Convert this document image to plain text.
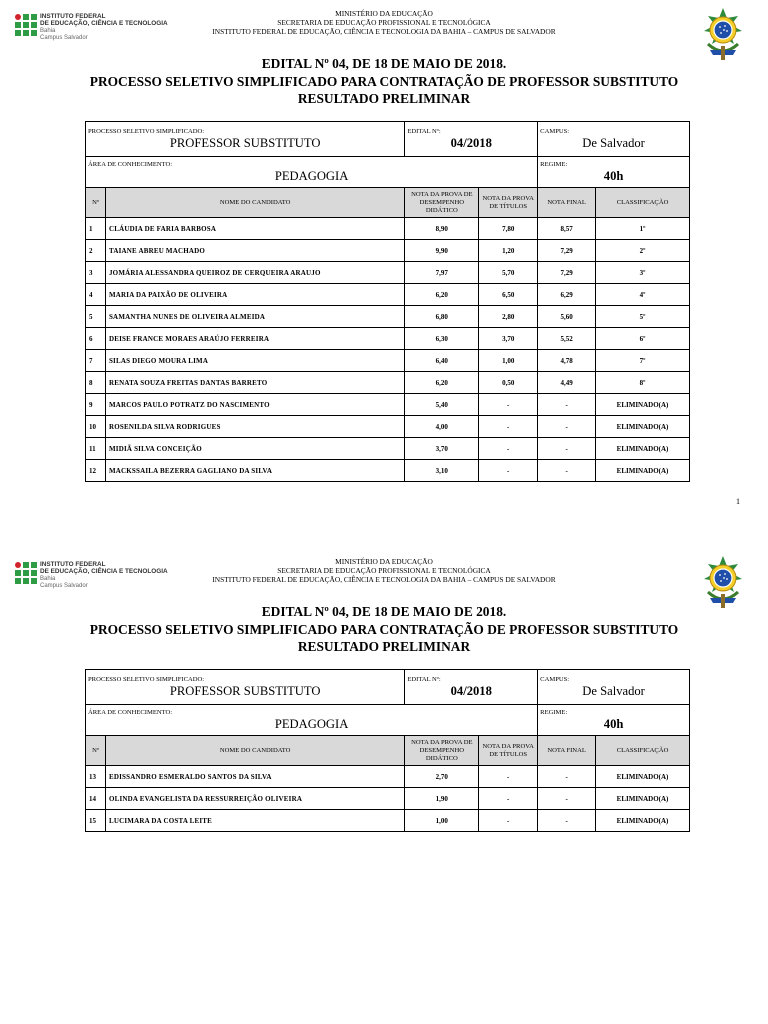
INSTITUTO FEDERAL
DE EDUCAÇÃO, CIÊNCIA E TECNOLOGIA
Bahia
Campus Salvador
MINISTÉRIO DA EDUCAÇÃO
SECRETARIA DE EDUCAÇÃO PROFISSIONAL E TECNOLÓGICA
INSTITUTO FEDERAL DE EDUCAÇÃO, CIÊNCIA E TECNOLOGIA DA BAHIA – CAMPUS DE SALVADOR
EDITAL Nº 04, DE 18 DE MAIO DE 2018.
PROCESSO SELETIVO SIMPLIFICADO PARA CONTRATAÇÃO DE PROFESSOR SUBSTITUTO
RESULTADO PRELIMINAR
PROCESSO SELETIVO SIMPLIFICADO:
PROFESSOR SUBSTITUTO		EDITAL Nº:
04/2018		CAMPUS:
De Salvador	

ÁREA DE CONHECIMENTO:
PEDAGOGIA				REGIME:
40h	

Nº	NOME DO CANDIDATO	NOTA DA PROVA DE DESEMPENHO DIDÁTICO	NOTA DA PROVA DE TÍTULOS	NOTA FINAL	CLASSIFICAÇÃO
1	CLÁUDIA DE FARIA BARBOSA	8,90	7,80	8,57	1º
2	TAIANE ABREU MACHADO	9,90	1,20	7,29	2º
3	JOMÁRIA ALESSANDRA QUEIROZ DE CERQUEIRA ARAUJO	7,97	5,70	7,29	3º
4	MARIA DA PAIXÃO DE OLIVEIRA	6,20	6,50	6,29	4º
5	SAMANTHA NUNES DE OLIVEIRA ALMEIDA	6,80	2,80	5,60	5º
6	DEISE FRANCE MORAES ARAÚJO FERREIRA	6,30	3,70	5,52	6º
7	SILAS DIEGO MOURA LIMA	6,40	1,00	4,78	7º
8	RENATA SOUZA FREITAS DANTAS BARRETO	6,20	0,50	4,49	8º
9	MARCOS PAULO POTRATZ DO NASCIMENTO	5,40	-	-	ELIMINADO(A)
10	ROSENILDA SILVA RODRIGUES	4,00	-	-	ELIMINADO(A)
11	MIDIÃ SILVA CONCEIÇÃO	3,70	-	-	ELIMINADO(A)
12	MACKSSAILA BEZERRA GAGLIANO DA SILVA	3,10	-	-	ELIMINADO(A)
INSTITUTO FEDERAL
DE EDUCAÇÃO, CIÊNCIA E TECNOLOGIA
Bahia
Campus Salvador
MINISTÉRIO DA EDUCAÇÃO
SECRETARIA DE EDUCAÇÃO PROFISSIONAL E TECNOLÓGICA
INSTITUTO FEDERAL DE EDUCAÇÃO, CIÊNCIA E TECNOLOGIA DA BAHIA – CAMPUS DE SALVADOR
EDITAL Nº 04, DE 18 DE MAIO DE 2018.
PROCESSO SELETIVO SIMPLIFICADO PARA CONTRATAÇÃO DE PROFESSOR SUBSTITUTO
RESULTADO PRELIMINAR
PROCESSO SELETIVO SIMPLIFICADO:
PROFESSOR SUBSTITUTO		EDITAL Nº:
04/2018		CAMPUS:
De Salvador	

ÁREA DE CONHECIMENTO:
PEDAGOGIA				REGIME:
40h	

Nº	NOME DO CANDIDATO	NOTA DA PROVA DE DESEMPENHO DIDÁTICO	NOTA DA PROVA DE TÍTULOS	NOTA FINAL	CLASSIFICAÇÃO
13	EDISSANDRO ESMERALDO SANTOS DA SILVA	2,70	-	-	ELIMINADO(A)
14	OLINDA EVANGELISTA DA RESSURREIÇÃO OLIVEIRA	1,90	-	-	ELIMINADO(A)
15	LUCIMARA DA COSTA LEITE	1,00	-	-	ELIMINADO(A)
1
